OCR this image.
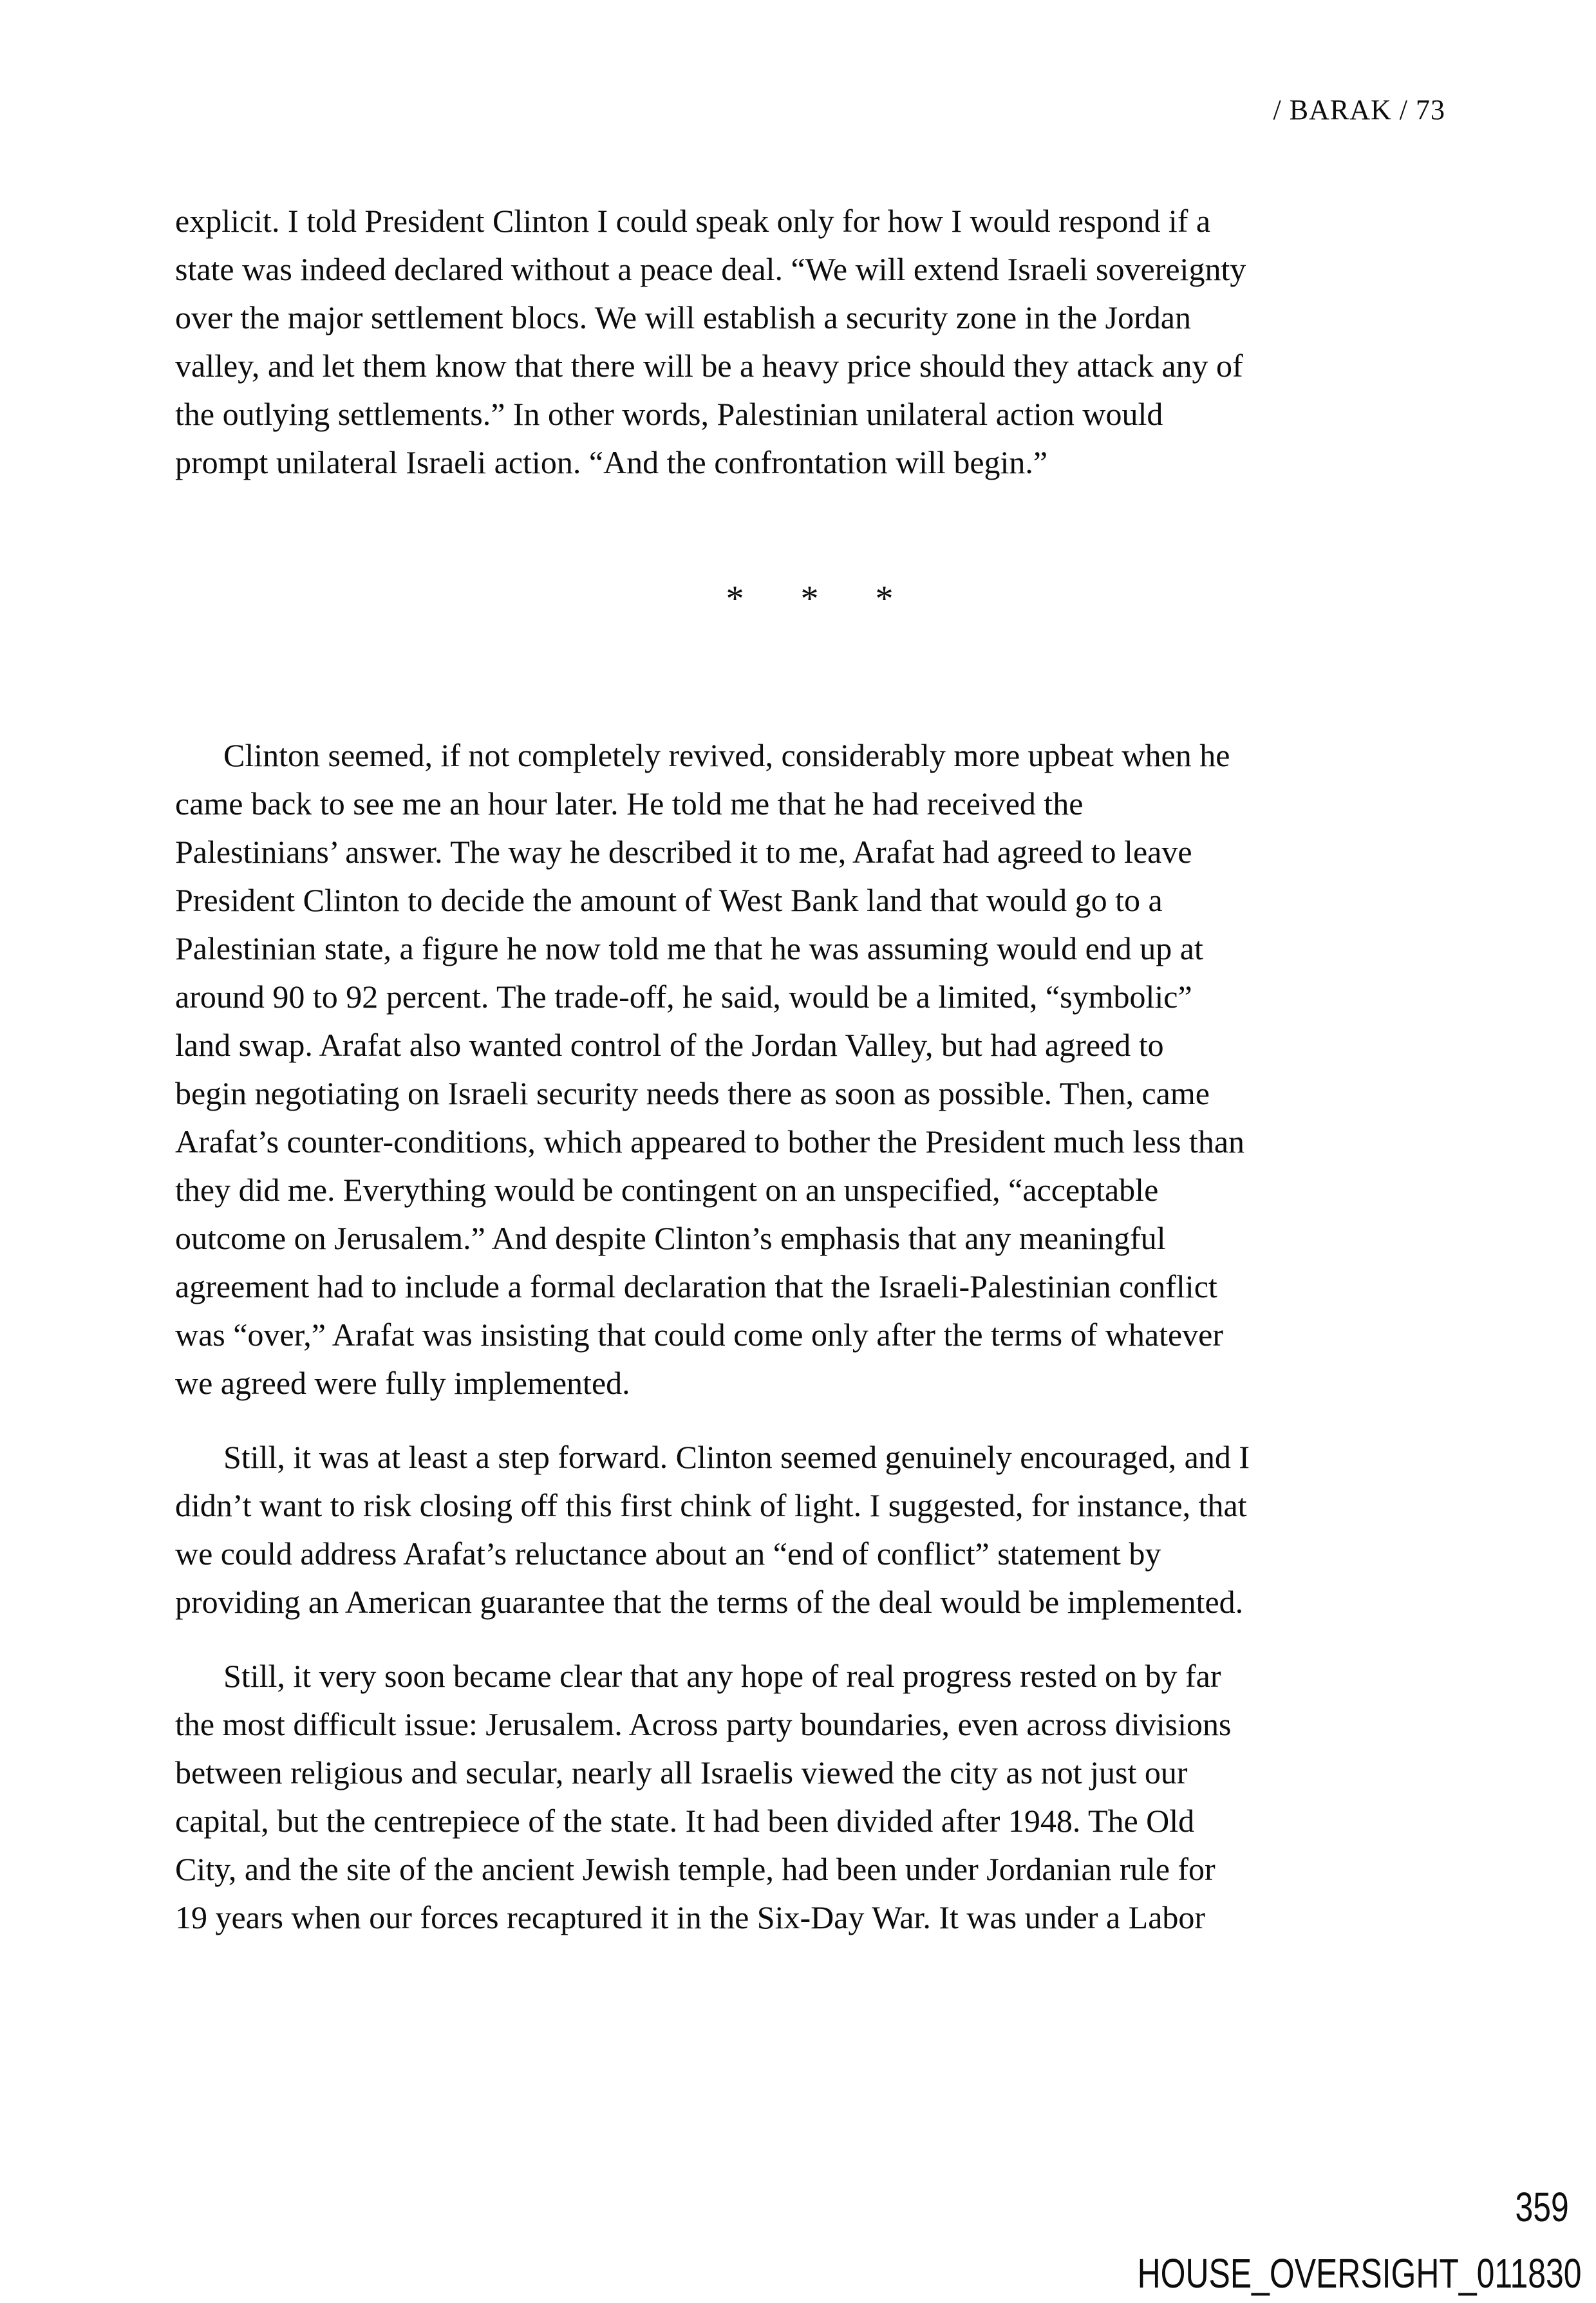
/ BARAK / 73
explicit. I told President Clinton I could speak only for how I would respond if a
state was indeed declared without a peace deal. “We will extend Israeli sovereignty
over the major settlement blocs. We will establish a security zone in the Jordan
valley, and let them know that there will be a heavy price should they attack any of
the outlying settlements.” In other words, Palestinian unilateral action would
prompt unilateral Israeli action. “And the confrontation will begin.”
* * *
Clinton seemed, if not completely revived, considerably more upbeat when he
came back to see me an hour later. He told me that he had received the
Palestinians’ answer. The way he described it to me, Arafat had agreed to leave
President Clinton to decide the amount of West Bank land that would go to a
Palestinian state, a figure he now told me that he was assuming would end up at
around 90 to 92 percent. The trade-off, he said, would be a limited, “symbolic”
land swap. Arafat also wanted control of the Jordan Valley, but had agreed to
begin negotiating on Israeli security needs there as soon as possible. Then, came
Arafat’s counter-conditions, which appeared to bother the President much less than
they did me. Everything would be contingent on an unspecified, “acceptable
outcome on Jerusalem.” And despite Clinton’s emphasis that any meaningful
agreement had to include a formal declaration that the Israeli-Palestinian conflict
was “over,” Arafat was insisting that could come only after the terms of whatever
we agreed were fully implemented.
Still, it was at least a step forward. Clinton seemed genuinely encouraged, and I
didn’t want to risk closing off this first chink of light. I suggested, for instance, that
we could address Arafat’s reluctance about an “end of conflict” statement by
providing an American guarantee that the terms of the deal would be implemented.
Still, it very soon became clear that any hope of real progress rested on by far
the most difficult issue: Jerusalem. Across party boundaries, even across divisions
between religious and secular, nearly all Israelis viewed the city as not just our
capital, but the centrepiece of the state. It had been divided after 1948. The Old
City, and the site of the ancient Jewish temple, had been under Jordanian rule for
19 years when our forces recaptured it in the Six-Day War. It was under a Labor
359
HOUSE_OVERSIGHT_011830
